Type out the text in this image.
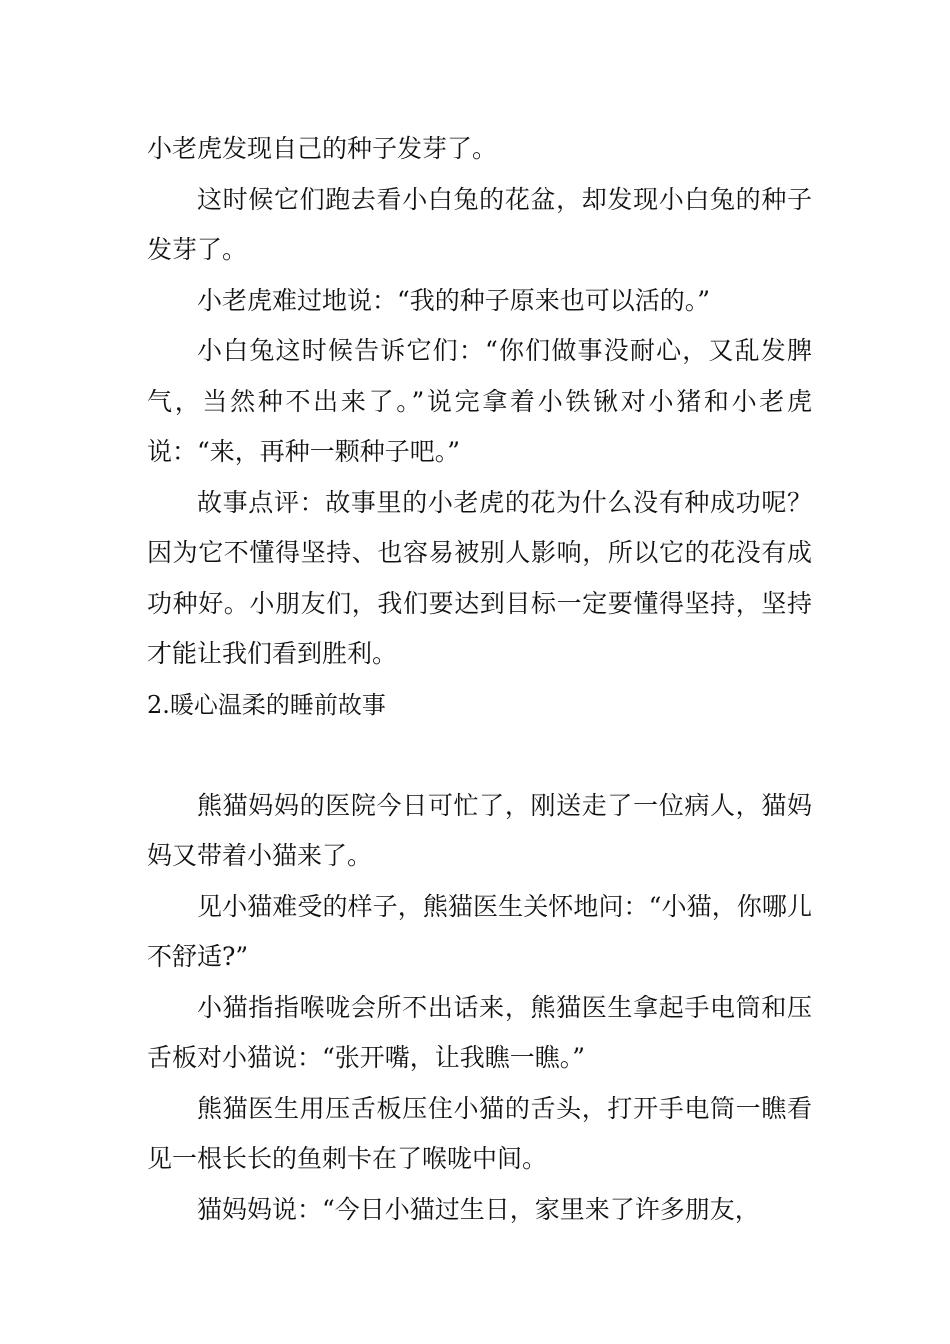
小老虎发现自己的种子发芽了。

这时候它们跑去看小白兔的花盆，却发现小白兔的种子发芽了。

小老虎难过地说：“我的种子原来也可以活的。”

小白兔这时候告诉它们：“你们做事没耐心，又乱发脾气，当然种不出来了。”说完拿着小铁锹对小猪和小老虎说：“来，再种一颗种子吧。”

故事点评：故事里的小老虎的花为什么没有种成功呢？因为它不懂得坚持、也容易被别人影响，所以它的花没有成功种好。小朋友们，我们要达到目标一定要懂得坚持，坚持才能让我们看到胜利。

2.暖心温柔的睡前故事

熊猫妈妈的医院今日可忙了，刚送走了一位病人，猫妈妈又带着小猫来了。

见小猫难受的样子，熊猫医生关怀地问：“小猫，你哪儿不舒适?”

小猫指指喉咙会所不出话来，熊猫医生拿起手电筒和压舌板对小猫说：“张开嘴，让我瞧一瞧。”

熊猫医生用压舌板压住小猫的舌头，打开手电筒一瞧看见一根长长的鱼刺卡在了喉咙中间。

猫妈妈说：“今日小猫过生日，家里来了许多朋友，
